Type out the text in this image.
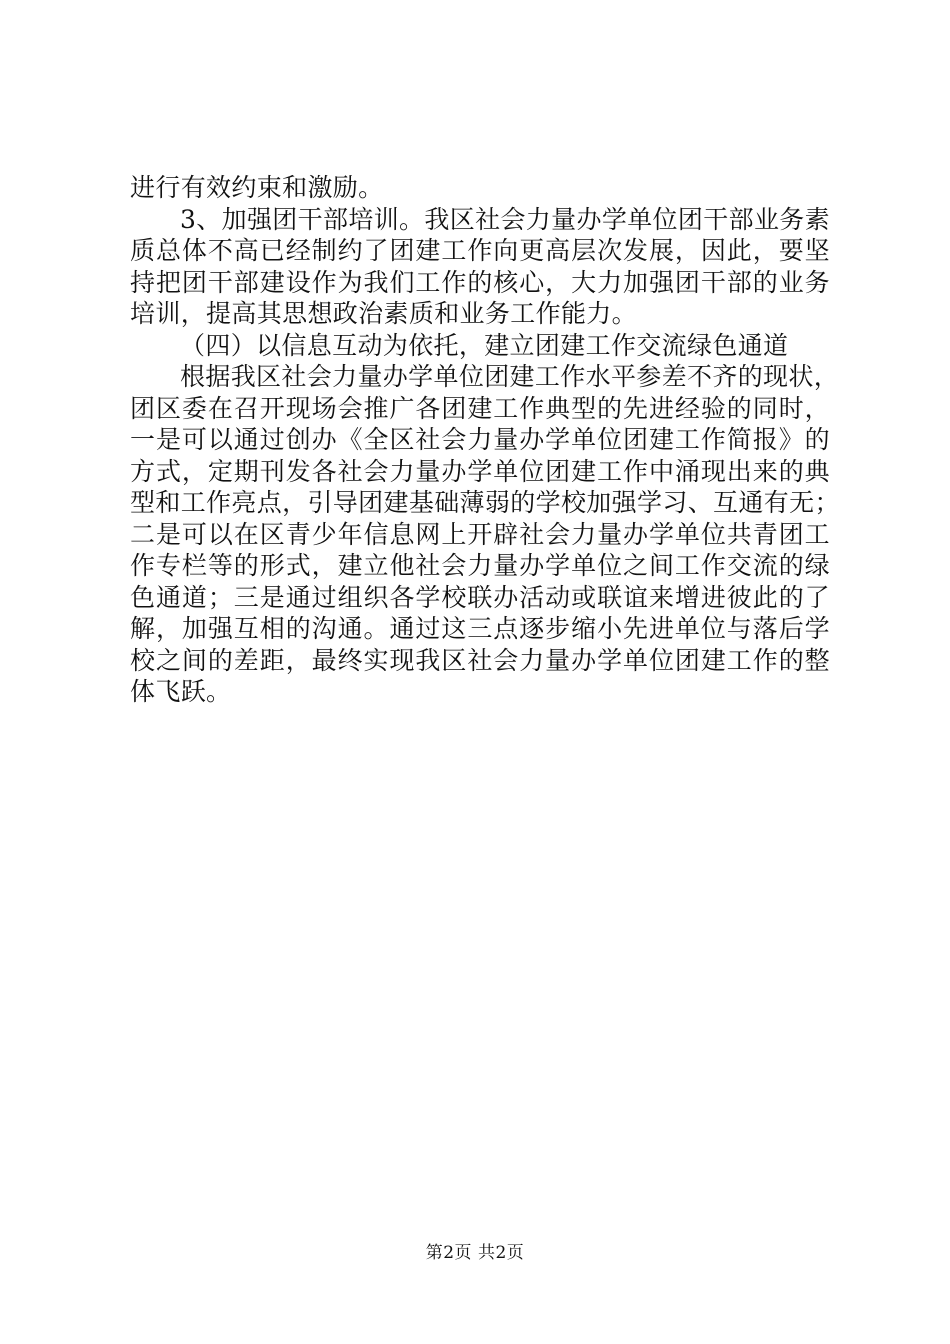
进行有效约束和激励。
3、加强团干部培训。我区社会力量办学单位团干部业务素
质总体不高已经制约了团建工作向更高层次发展，因此，要坚
持把团干部建设作为我们工作的核心，大力加强团干部的业务
培训，提高其思想政治素质和业务工作能力。
（四）以信息互动为依托，建立团建工作交流绿色通道
根据我区社会力量办学单位团建工作水平参差不齐的现状，
团区委在召开现场会推广各团建工作典型的先进经验的同时，
一是可以通过创办《全区社会力量办学单位团建工作简报》的
方式，定期刊发各社会力量办学单位团建工作中涌现出来的典
型和工作亮点，引导团建基础薄弱的学校加强学习、互通有无；
二是可以在区青少年信息网上开辟社会力量办学单位共青团工
作专栏等的形式，建立他社会力量办学单位之间工作交流的绿
色通道；三是通过组织各学校联办活动或联谊来增进彼此的了
解，加强互相的沟通。通过这三点逐步缩小先进单位与落后学
校之间的差距，最终实现我区社会力量办学单位团建工作的整
体飞跃。
第2页 共2页
